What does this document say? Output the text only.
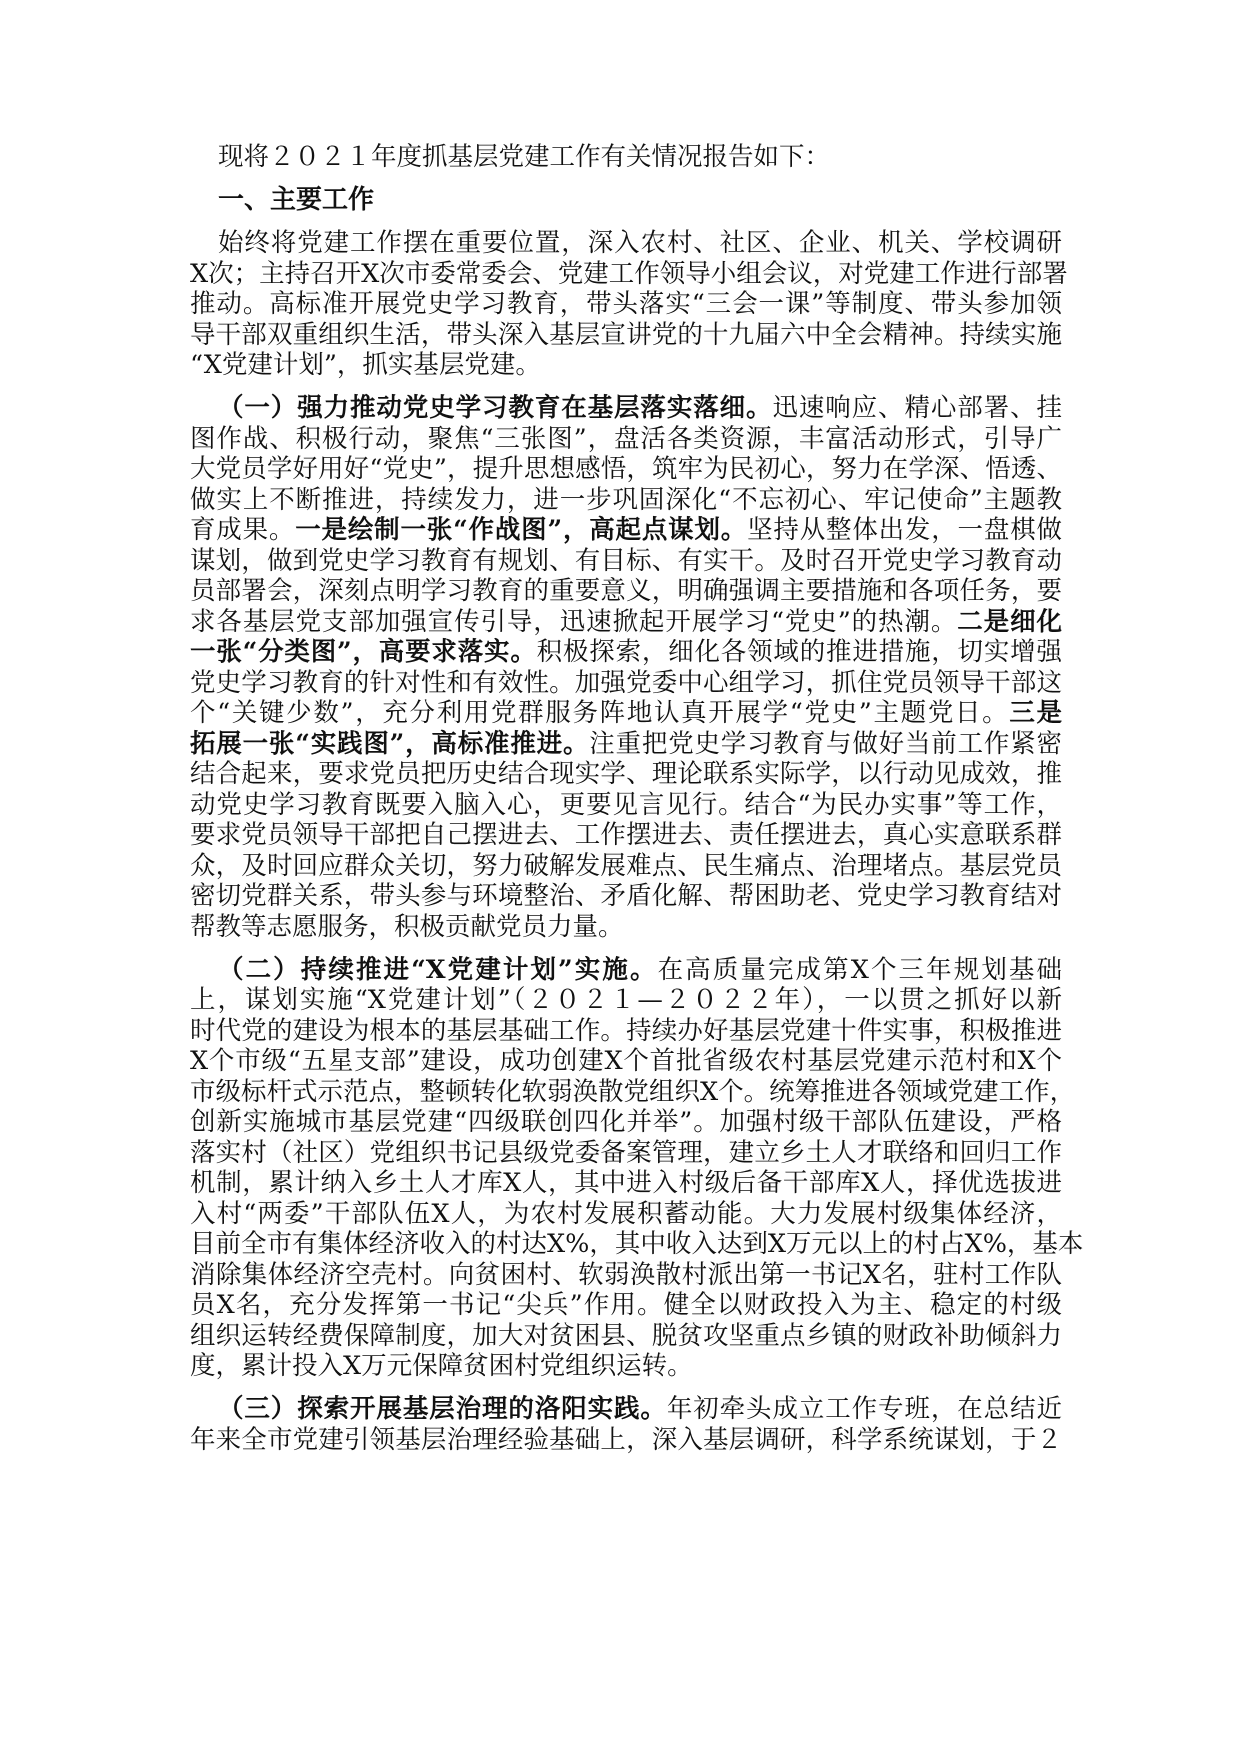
现将２０２１年度抓基层党建工作有关情况报告如下：
一、主要工作
始终将党建工作摆在重要位置，深入农村、社区、企业、机关、学校调研
X次；主持召开X次市委常委会、党建工作领导小组会议，对党建工作进行部署
推动。高标准开展党史学习教育，带头落实“三会一课”等制度、带头参加领
导干部双重组织生活，带头深入基层宣讲党的十九届六中全会精神。持续实施
“X党建计划”，抓实基层党建。
（一）强力推动党史学习教育在基层落实落细。迅速响应、精心部署、挂
图作战、积极行动，聚焦“三张图”，盘活各类资源，丰富活动形式，引导广
大党员学好用好“党史”，提升思想感悟，筑牢为民初心，努力在学深、悟透、
做实上不断推进，持续发力，进一步巩固深化“不忘初心、牢记使命”主题教
育成果。一是绘制一张“作战图”，高起点谋划。坚持从整体出发，一盘棋做
谋划，做到党史学习教育有规划、有目标、有实干。及时召开党史学习教育动
员部署会，深刻点明学习教育的重要意义，明确强调主要措施和各项任务，要
求各基层党支部加强宣传引导，迅速掀起开展学习“党史”的热潮。二是细化
一张“分类图”，高要求落实。积极探索，细化各领域的推进措施，切实增强
党史学习教育的针对性和有效性。加强党委中心组学习，抓住党员领导干部这
个“关键少数”，充分利用党群服务阵地认真开展学“党史”主题党日。三是
拓展一张“实践图”，高标准推进。注重把党史学习教育与做好当前工作紧密
结合起来，要求党员把历史结合现实学、理论联系实际学，以行动见成效，推
动党史学习教育既要入脑入心，更要见言见行。结合“为民办实事”等工作，
要求党员领导干部把自己摆进去、工作摆进去、责任摆进去，真心实意联系群
众，及时回应群众关切，努力破解发展难点、民生痛点、治理堵点。基层党员
密切党群关系，带头参与环境整治、矛盾化解、帮困助老、党史学习教育结对
帮教等志愿服务，积极贡献党员力量。
（二）持续推进“X党建计划”实施。在高质量完成第X个三年规划基础
上，谋划实施“X党建计划”（２０２１—２０２２年），一以贯之抓好以新
时代党的建设为根本的基层基础工作。持续办好基层党建十件实事，积极推进
X个市级“五星支部”建设，成功创建X个首批省级农村基层党建示范村和X个
市级标杆式示范点，整顿转化软弱涣散党组织X个。统筹推进各领域党建工作，
创新实施城市基层党建“四级联创四化并举”。加强村级干部队伍建设，严格
落实村（社区）党组织书记县级党委备案管理，建立乡土人才联络和回归工作
机制，累计纳入乡土人才库X人，其中进入村级后备干部库X人，择优选拔进
入村“两委”干部队伍X人，为农村发展积蓄动能。大力发展村级集体经济，
目前全市有集体经济收入的村达X%，其中收入达到X万元以上的村占X%，基本
消除集体经济空壳村。向贫困村、软弱涣散村派出第一书记X名，驻村工作队
员X名，充分发挥第一书记“尖兵”作用。健全以财政投入为主、稳定的村级
组织运转经费保障制度，加大对贫困县、脱贫攻坚重点乡镇的财政补助倾斜力
度，累计投入X万元保障贫困村党组织运转。
（三）探索开展基层治理的洛阳实践。年初牵头成立工作专班，在总结近
年来全市党建引领基层治理经验基础上，深入基层调研，科学系统谋划，于２
